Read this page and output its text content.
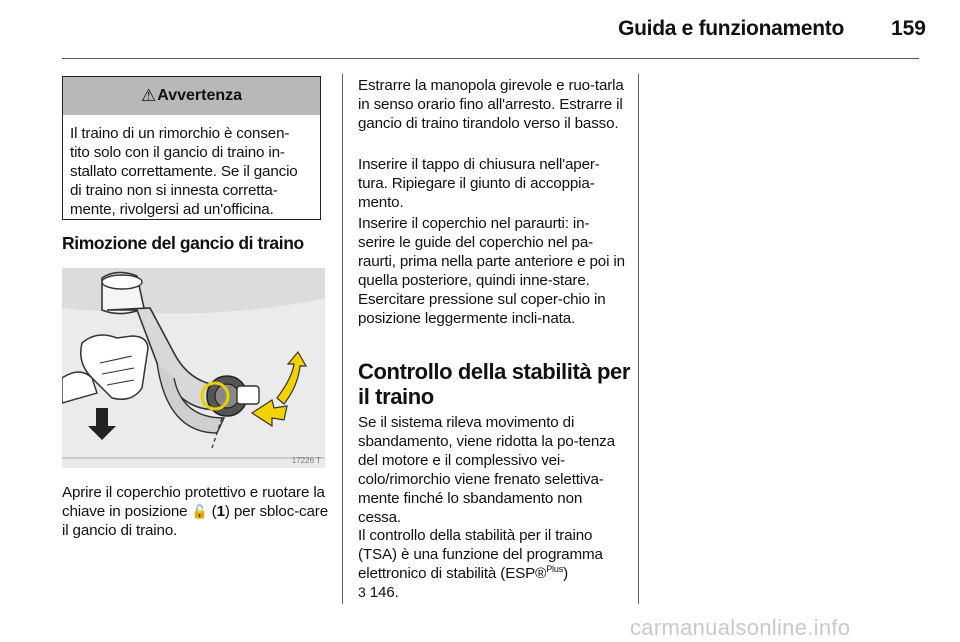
Guida e funzionamento	159
⚠ Avvertenza
Il traino di un rimorchio è consen-
tito solo con il gancio di traino in-
stallato correttamente. Se il gancio
di traino non si innesta corretta-
mente, rivolgersi ad un'officina.
Rimozione del gancio di traino
17226 T

Aprire il coperchio protettivo e ruotare la chiave in posizione 🔓 (1) per sbloc-care il gancio di traino.

Estrarre la manopola girevole e ruo-tarla in senso orario fino all'arresto. Estrarre il gancio di traino tirandolo verso il basso.

Inserire il tappo di chiusura nell'aper-tura. Ripiegare il giunto di accoppia-mento.

Inserire il coperchio nel paraurti: in-serire le guide del coperchio nel pa-raurti, prima nella parte anteriore e poi in quella posteriore, quindi inne-stare. Esercitare pressione sul coper-chio in posizione leggermente incli-nata.

Controllo della stabilità per il traino

Se il sistema rileva movimento di sbandamento, viene ridotta la po-tenza del motore e il complessivo vei-colo/rimorchio viene frenato selettiva-mente finché lo sbandamento non cessa.

Il controllo della stabilità per il traino (TSA) è una funzione del programma elettronico di stabilità (ESP®$^{Plus}$)
3 146.

carmanualsonline.info
